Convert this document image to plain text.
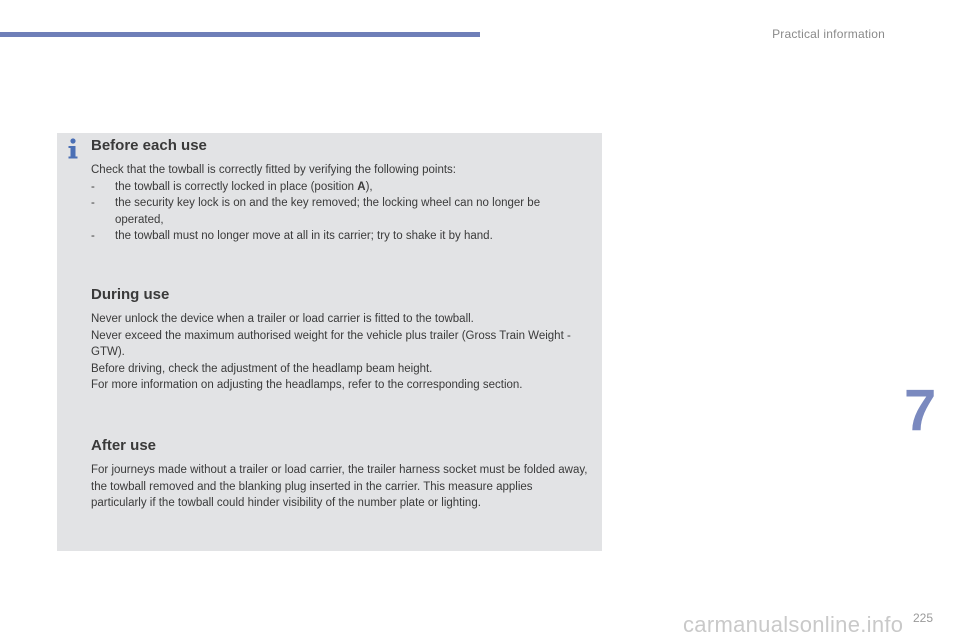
Practical information
Before each use

Check that the towball is correctly fitted by verifying the following points:

- the towball is correctly locked in place (position A),
- the security key lock is on and the key removed; the locking wheel can no longer be operated,
- the towball must no longer move at all in its carrier; try to shake it by hand.
During use

Never unlock the device when a trailer or load carrier is fitted to the towball.

Never exceed the maximum authorised weight for the vehicle plus trailer (Gross Train Weight - GTW).

Before driving, check the adjustment of the headlamp beam height.

For more information on adjusting the headlamps, refer to the corresponding section.

After use

For journeys made without a trailer or load carrier, the trailer harness socket must be folded away, the towball removed and the blanking plug inserted in the carrier. This measure applies particularly if the towball could hinder visibility of the number plate or lighting.

7
carmanualsonline.info 225
